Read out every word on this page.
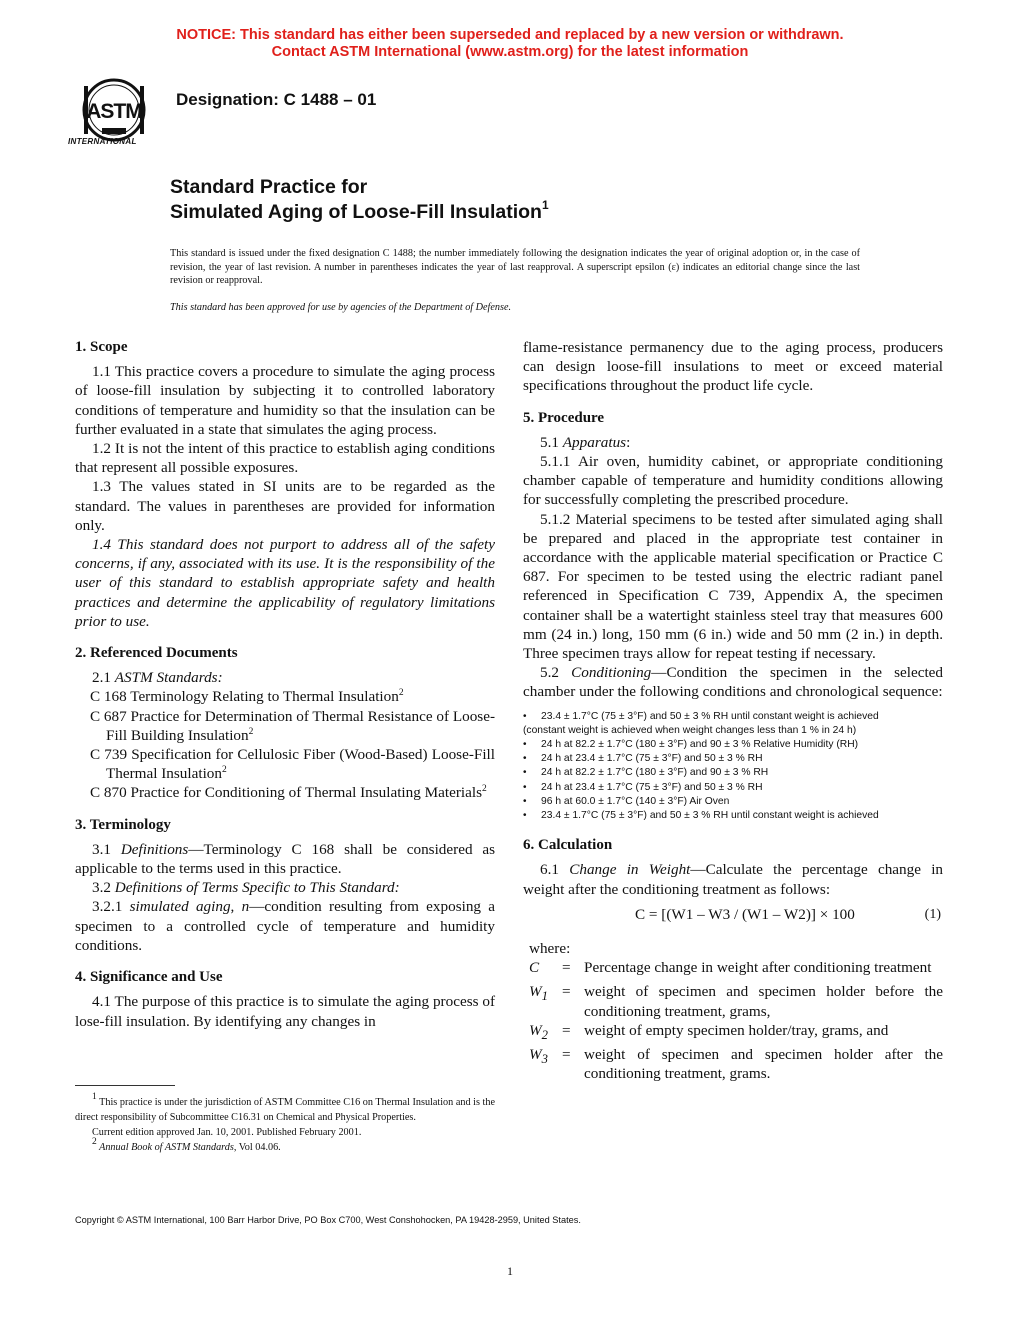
NOTICE: This standard has either been superseded and replaced by a new version or withdrawn.
Contact ASTM International (www.astm.org) for the latest information
ASTM
INTERNATIONAL
Designation: C 1488 – 01
Standard Practice for
Simulated Aging of Loose-Fill Insulation$^1$
This standard is issued under the fixed designation C 1488; the number immediately following the designation indicates the year of original adoption or, in the case of revision, the year of last revision. A number in parentheses indicates the year of last reapproval. A superscript epsilon (ε) indicates an editorial change since the last revision or reapproval.
This standard has been approved for use by agencies of the Department of Defense.
1. Scope

1.1 This practice covers a procedure to simulate the aging process of loose-fill insulation by subjecting it to controlled laboratory conditions of temperature and humidity so that the insulation can be further evaluated in a state that simulates the aging process.

1.2 It is not the intent of this practice to establish aging conditions that represent all possible exposures.

1.3 The values stated in SI units are to be regarded as the standard. The values in parentheses are provided for information only.

1.4 This standard does not purport to address all of the safety concerns, if any, associated with its use. It is the responsibility of the user of this standard to establish appropriate safety and health practices and determine the applicability of regulatory limitations prior to use.

2. Referenced Documents

2.1 ASTM Standards:

C 168 Terminology Relating to Thermal Insulation$^2$

C 687 Practice for Determination of Thermal Resistance of Loose-Fill Building Insulation$^2$

C 739 Specification for Cellulosic Fiber (Wood-Based) Loose-Fill Thermal Insulation$^2$

C 870 Practice for Conditioning of Thermal Insulating Materials$^2$

3. Terminology

3.1 Definitions—Terminology C 168 shall be considered as applicable to the terms used in this practice.

3.2 Definitions of Terms Specific to This Standard:

3.2.1 simulated aging, n—condition resulting from exposing a specimen to a controlled cycle of temperature and humidity conditions.

4. Significance and Use

4.1 The purpose of this practice is to simulate the aging process of lose-fill insulation. By identifying any changes in

flame-resistance permanency due to the aging process, producers can design loose-fill insulations to meet or exceed material specifications throughout the product life cycle.

5. Procedure

5.1 Apparatus:

5.1.1 Air oven, humidity cabinet, or appropriate conditioning chamber capable of temperature and humidity conditions allowing for successfully completing the prescribed procedure.

5.1.2 Material specimens to be tested after simulated aging shall be prepared and placed in the appropriate test container in accordance with the applicable material specification or Practice C 687. For specimen to be tested using the electric radiant panel referenced in Specification C 739, Appendix A, the specimen container shall be a watertight stainless steel tray that measures 600 mm (24 in.) long, 150 mm (6 in.) wide and 50 mm (2 in.) in depth. Three specimen trays allow for repeat testing if necessary.

5.2 Conditioning—Condition the specimen in the selected chamber under the following conditions and chronological sequence:

• 23.4 ± 1.7°C (75 ± 3°F) and 50 ± 3 % RH until constant weight is achieved
(constant weight is achieved when weight changes less than 1 % in 24 h)
• 24 h at 82.2 ± 1.7°C (180 ± 3°F) and 90 ± 3 % Relative Humidity (RH)
• 24 h at 23.4 ± 1.7°C (75 ± 3°F) and 50 ± 3 % RH
• 24 h at 82.2 ± 1.7°C (180 ± 3°F) and 90 ± 3 % RH
• 24 h at 23.4 ± 1.7°C (75 ± 3°F) and 50 ± 3 % RH
• 96 h at 60.0 ± 1.7°C (140 ± 3°F) Air Oven
• 23.4 ± 1.7°C (75 ± 3°F) and 50 ± 3 % RH until constant weight is achieved
6. Calculation

6.1 Change in Weight—Calculate the percentage change in weight after the conditioning treatment as follows:

C = [(W1 – W3 / (W1 – W2)] × 100	(1)
where:
C	= Percentage change in weight after conditioning treatment
$W_1$ = weight of specimen and specimen holder before the conditioning treatment, grams,
$W_2$ = weight of empty specimen holder/tray, grams, and
$W_3$ = weight of specimen and specimen holder after the conditioning treatment, grams.

$^1$ This practice is under the jurisdiction of ASTM Committee C16 on Thermal Insulation and is the direct responsibility of Subcommittee C16.31 on Chemical and Physical Properties.

Current edition approved Jan. 10, 2001. Published February 2001.

$^2$ Annual Book of ASTM Standards, Vol 04.06.

Copyright © ASTM International, 100 Barr Harbor Drive, PO Box C700, West Conshohocken, PA 19428-2959, United States.
1
